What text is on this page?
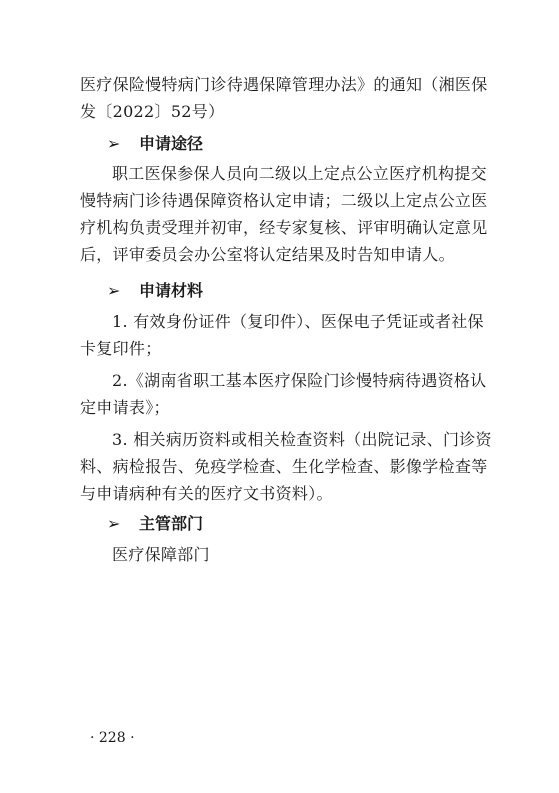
医疗保险慢特病门诊待遇保障管理办法》的通知（湘医保
发〔2022〕52号）
➢ 申请途径
职工医保参保人员向二级以上定点公立医疗机构提交
慢特病门诊待遇保障资格认定申请；二级以上定点公立医
疗机构负责受理并初审，经专家复核、评审明确认定意见
后，评审委员会办公室将认定结果及时告知申请人。
➢ 申请材料
1. 有效身份证件（复印件）、医保电子凭证或者社保
卡复印件；
2.《湖南省职工基本医疗保险门诊慢特病待遇资格认
定申请表》；
3. 相关病历资料或相关检查资料（出院记录、门诊资
料、病检报告、免疫学检查、生化学检查、影像学检查等
与申请病种有关的医疗文书资料）。
➢ 主管部门
医疗保障部门
· 228 ·
